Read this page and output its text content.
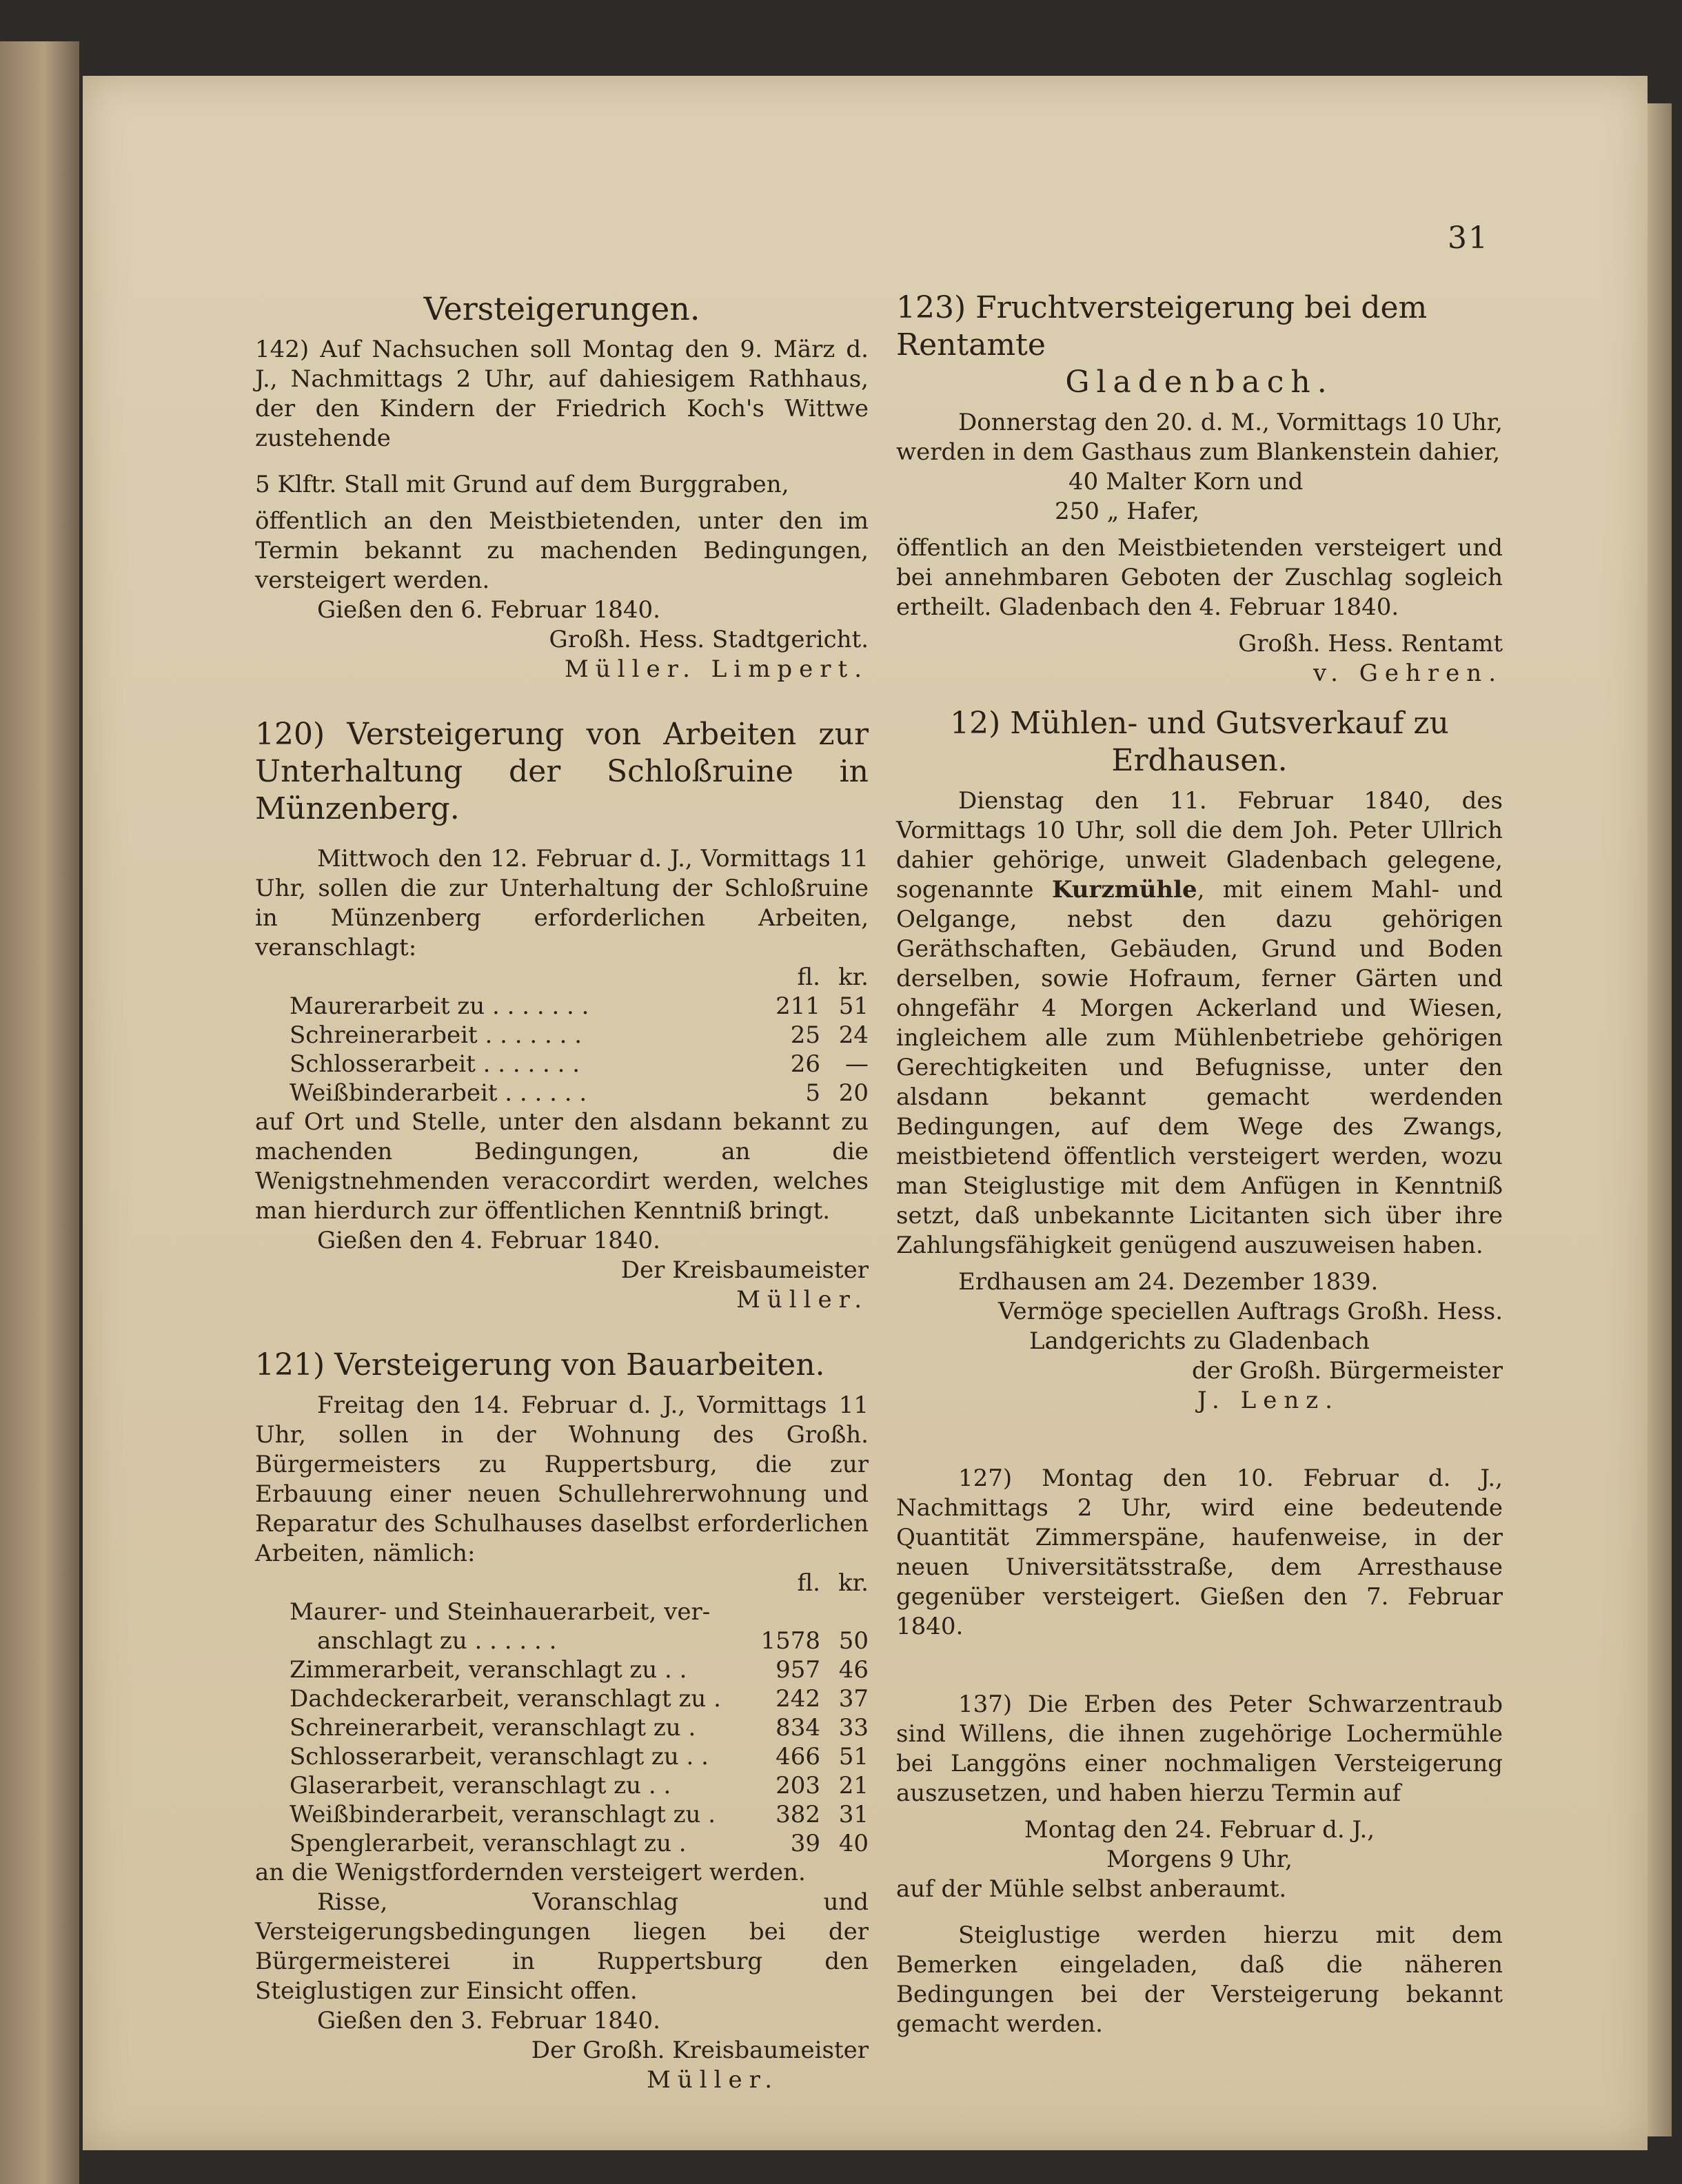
31
Versteigerungen.

142) Auf Nachsuchen soll Montag den 9. März d. J., Nachmittags 2 Uhr, auf dahiesigem Rathhaus, der den Kindern der Friedrich Koch's Wittwe zustehende

5 Klftr. Stall mit Grund auf dem Burggraben,

öffentlich an den Meistbietenden, unter den im Termin bekannt zu machenden Bedingungen, versteigert werden.

Gießen den 6. Februar 1840.

Großh. Hess. Stadtgericht.

Müller. Limpert.

120) Versteigerung von Arbeiten zur Unterhaltung der Schloßruine in Münzenberg.

Mittwoch den 12. Februar d. J., Vormittags 11 Uhr, sollen die zur Unterhaltung der Schloßruine in Münzenberg erforderlichen Arbeiten, veranschlagt:

	fl.	kr.
Maurerarbeit zu . . . . . . .	211	51
Schreinerarbeit . . . . . . .	25	24
Schlosserarbeit . . . . . . .	26	—
Weißbinderarbeit . . . . . .	5	20

auf Ort und Stelle, unter den alsdann bekannt zu machenden Bedingungen, an die Wenigstnehmenden veraccordirt werden, welches man hierdurch zur öffentlichen Kenntniß bringt.

Gießen den 4. Februar 1840.

Der Kreisbaumeister

Müller.

121) Versteigerung von Bauarbeiten.

Freitag den 14. Februar d. J., Vormittags 11 Uhr, sollen in der Wohnung des Großh. Bürgermeisters zu Ruppertsburg, die zur Erbauung einer neuen Schullehrerwohnung und Reparatur des Schulhauses daselbst erforderlichen Arbeiten, nämlich:

	fl.	kr.
Maurer- und Steinhauerarbeit, ver-		
anschlagt zu . . . . . .	1578	50
Zimmerarbeit, veranschlagt zu . .	957	46
Dachdeckerarbeit, veranschlagt zu .	242	37
Schreinerarbeit, veranschlagt zu .	834	33
Schlosserarbeit, veranschlagt zu . .	466	51
Glaserarbeit, veranschlagt zu . .	203	21
Weißbinderarbeit, veranschlagt zu .	382	31
Spenglerarbeit, veranschlagt zu .	39	40

an die Wenigstfordernden versteigert werden.

Risse, Voranschlag und Versteigerungsbedingungen liegen bei der Bürgermeisterei in Ruppertsburg den Steiglustigen zur Einsicht offen.

Gießen den 3. Februar 1840.

Der Großh. Kreisbaumeister

Müller.

123) Fruchtversteigerung bei dem Rentamte

Gladenbach.

Donnerstag den 20. d. M., Vormittags 10 Uhr, werden in dem Gasthaus zum Blankenstein dahier,

40 Malter Korn und

250 „ Hafer,

öffentlich an den Meistbietenden versteigert und bei annehmbaren Geboten der Zuschlag sogleich ertheilt. Gladenbach den 4. Februar 1840.

Großh. Hess. Rentamt

v. Gehren.

12) Mühlen- und Gutsverkauf zu

Erdhausen.

Dienstag den 11. Februar 1840, des Vormittags 10 Uhr, soll die dem Joh. Peter Ullrich dahier gehörige, unweit Gladenbach gelegene, sogenannte Kurzmühle, mit einem Mahl- und Oelgange, nebst den dazu gehörigen Geräthschaften, Gebäuden, Grund und Boden derselben, sowie Hofraum, ferner Gärten und ohngefähr 4 Morgen Ackerland und Wiesen, ingleichem alle zum Mühlenbetriebe gehörigen Gerechtigkeiten und Befugnisse, unter den alsdann bekannt gemacht werdenden Bedingungen, auf dem Wege des Zwangs, meistbietend öffentlich versteigert werden, wozu man Steiglustige mit dem Anfügen in Kenntniß setzt, daß unbekannte Licitanten sich über ihre Zahlungsfähigkeit genügend auszuweisen haben.

Erdhausen am 24. Dezember 1839.

Vermöge speciellen Auftrags Großh. Hess.

Landgerichts zu Gladenbach

der Großh. Bürgermeister

J. Lenz.

127) Montag den 10. Februar d. J., Nachmittags 2 Uhr, wird eine bedeutende Quantität Zimmerspäne, haufenweise, in der neuen Universitätsstraße, dem Arresthause gegenüber versteigert. Gießen den 7. Februar 1840.

137) Die Erben des Peter Schwarzentraub sind Willens, die ihnen zugehörige Lochermühle bei Langgöns einer nochmaligen Versteigerung auszusetzen, und haben hierzu Termin auf

Montag den 24. Februar d. J.,

Morgens 9 Uhr,

auf der Mühle selbst anberaumt.

Steiglustige werden hierzu mit dem Bemerken eingeladen, daß die näheren Bedingungen bei der Versteigerung bekannt gemacht werden.
